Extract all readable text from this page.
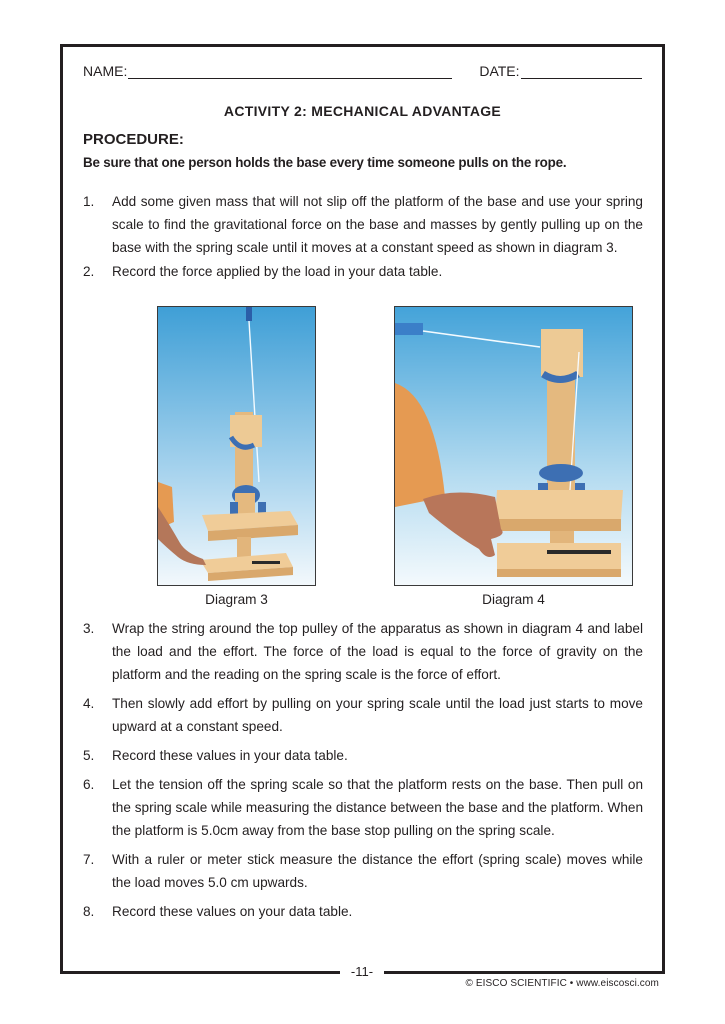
NAME:	DATE:
ACTIVITY 2: MECHANICAL ADVANTAGE
PROCEDURE:
Be sure that one person holds the base every time someone pulls on the rope.
1.	Add some given mass that will not slip off the platform of the base and use your spring scale to find the gravitational force on the base and masses by gently pulling up on the base with the spring scale until it moves at a constant speed as shown in diagram 3.
2.	Record the force applied by the load in your data table.
Diagram 3	Diagram 4
3.	Wrap the string around the top pulley of the apparatus as shown in diagram 4 and label the load and the effort. The force of the load is equal to the force of gravity on the platform and the reading on the spring scale is the force of effort.
4.	Then slowly add effort by pulling on your spring scale until the load just starts to move upward at a constant speed.
5.	Record these values in your data table.
6.	Let the tension off the spring scale so that the platform rests on the base. Then pull on the spring scale while measuring the distance between the base and the platform. When the platform is 5.0cm away from the base stop pulling on the spring scale.
7.	With a ruler or meter stick measure the distance the effort (spring scale) moves while the load moves 5.0 cm upwards.
8.	Record these values on your data table.
-11-
© EISCO SCIENTIFIC • www.eiscosci.com
